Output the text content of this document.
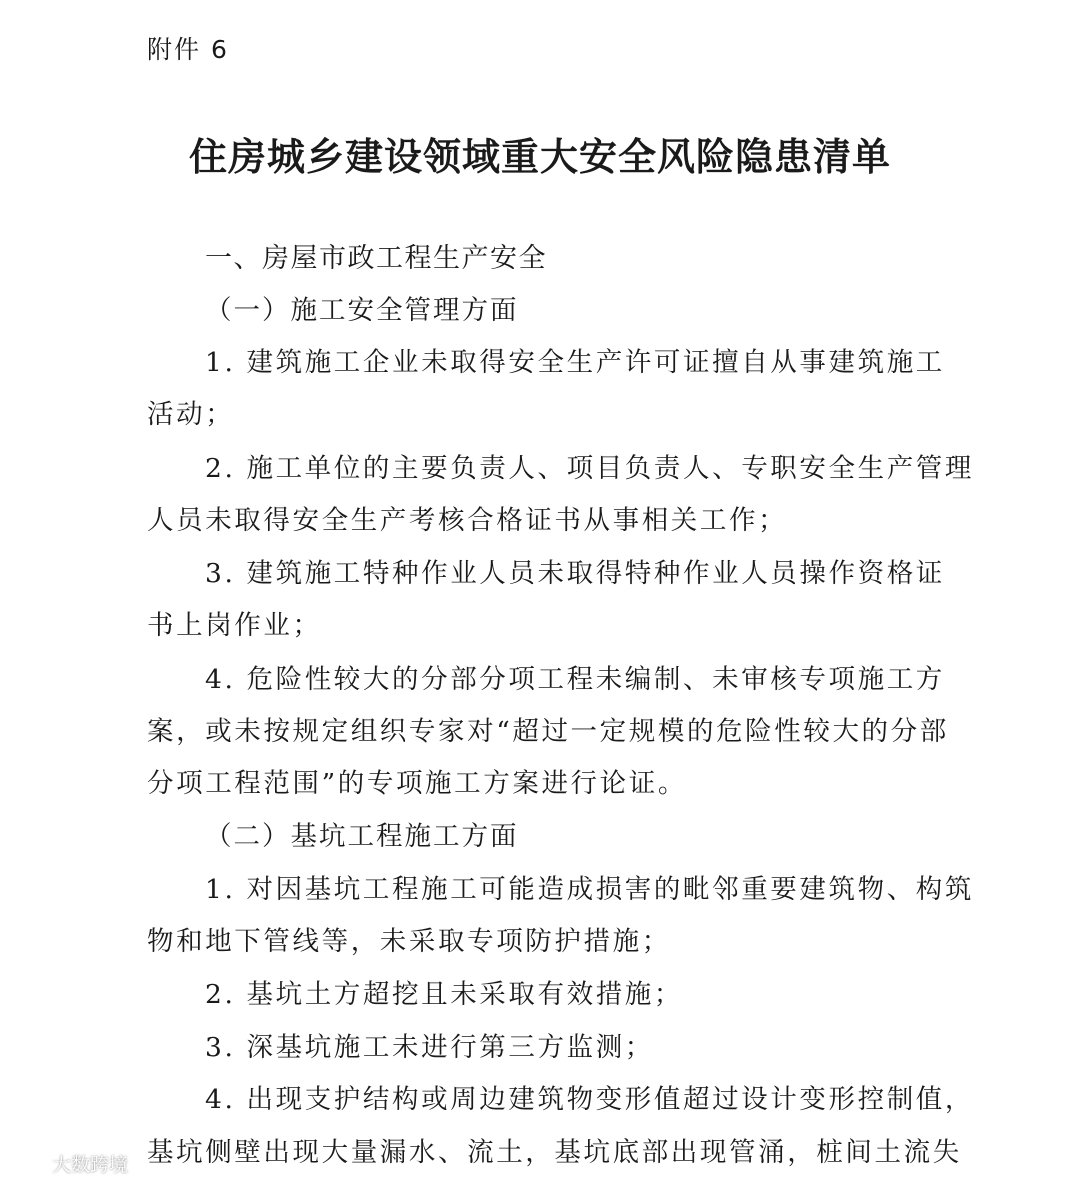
附件 6
住房城乡建设领域重大安全风险隐患清单
一、房屋市政工程生产安全
（一）施工安全管理方面
1. 建筑施工企业未取得安全生产许可证擅自从事建筑施工
活动；
2. 施工单位的主要负责人、项目负责人、专职安全生产管理
人员未取得安全生产考核合格证书从事相关工作；
3. 建筑施工特种作业人员未取得特种作业人员操作资格证
书上岗作业；
4. 危险性较大的分部分项工程未编制、未审核专项施工方
案，或未按规定组织专家对“超过一定规模的危险性较大的分部
分项工程范围”的专项施工方案进行论证。
（二）基坑工程施工方面
1. 对因基坑工程施工可能造成损害的毗邻重要建筑物、构筑
物和地下管线等，未采取专项防护措施；
2. 基坑土方超挖且未采取有效措施；
3. 深基坑施工未进行第三方监测；
4. 出现支护结构或周边建筑物变形值超过设计变形控制值，
基坑侧壁出现大量漏水、流土，基坑底部出现管涌，桩间土流失
大数跨境
